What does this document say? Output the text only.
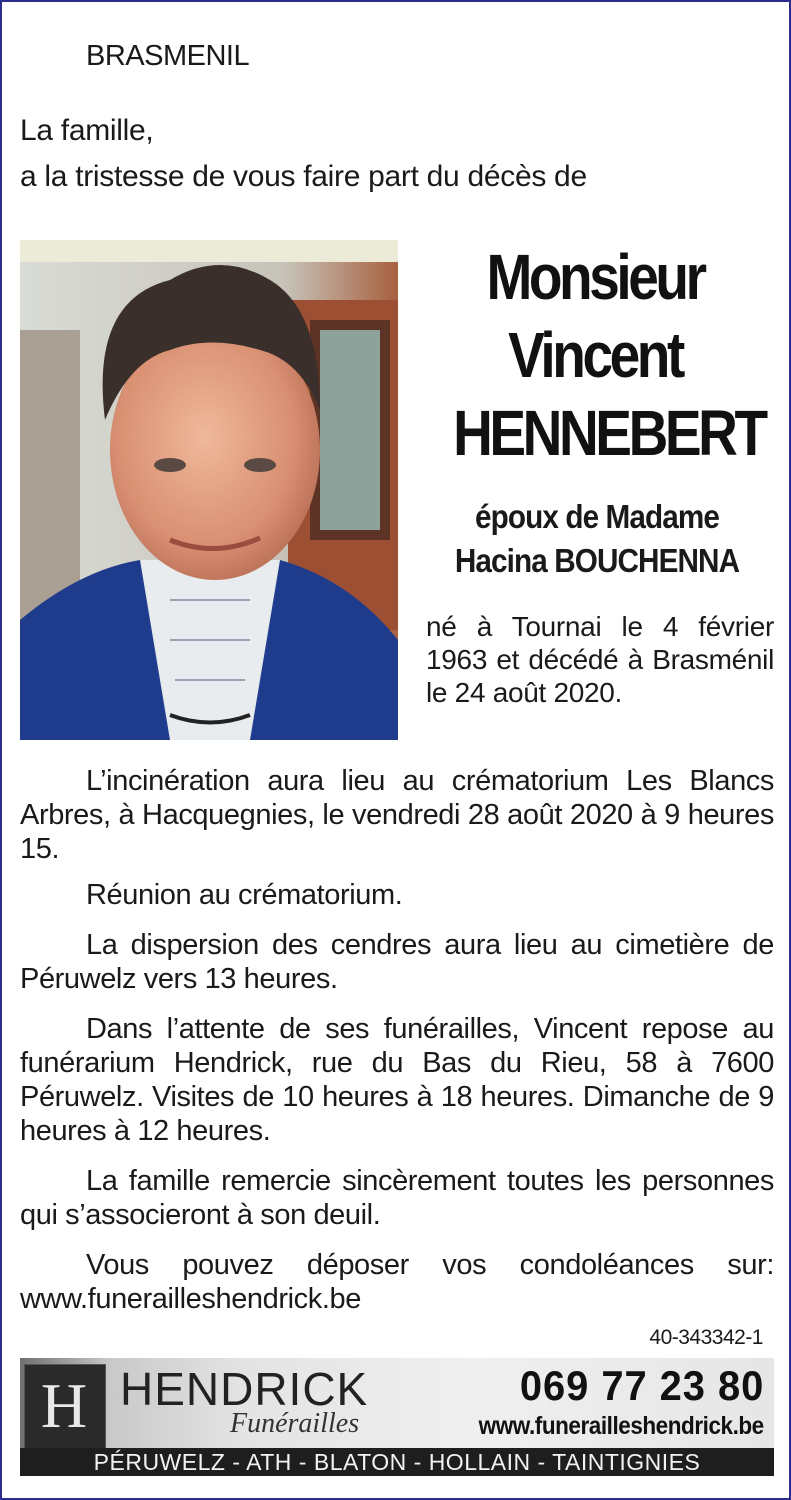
BRASMENIL
La famille,
a la tristesse de vous faire part du décès de
Monsieur
Vincent
HENNEBERT
époux de Madame
Hacina BOUCHENNA
né à Tournai le 4 février 1963 et décédé à Brasménil le 24 août 2020.
L’incinération aura lieu au crématorium Les Blancs Arbres, à Hacquegnies, le vendredi 28 août 2020 à 9 heures 15.
Réunion au crématorium.
La dispersion des cendres aura lieu au cimetière de Péruwelz vers 13 heures.
Dans l’attente de ses funérailles, Vincent repose au funérarium Hendrick, rue du Bas du Rieu, 58 à 7600 Péruwelz. Visites de 10 heures à 18 heures. Dimanche de 9 heures à 12 heures.
La famille remercie sincèrement toutes les personnes qui s’associeront à son deuil.
Vous pouvez déposer vos condoléances sur: www.funerailleshendrick.be
40-343342-1
H HENDRICK
Funérailles
069 77 23 80
www.funerailleshendrick.be
PÉRUWELZ - ATH - BLATON - HOLLAIN - TAINTIGNIES
